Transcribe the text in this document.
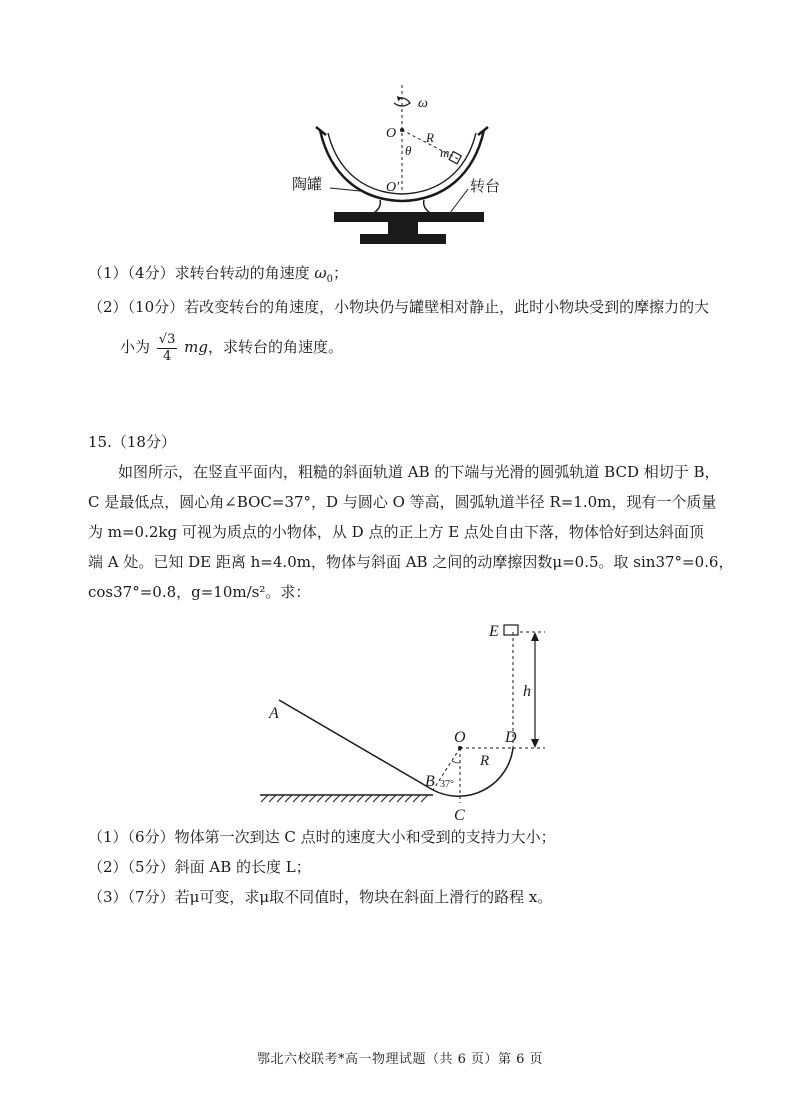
ω
O R
m
θ
O′
陶罐	转台
（1）（4分）求转台转动的角速度 $\omega_0$；
（2）（10分）若改变转台的角速度，小物块仍与罐壁相对静止，此时小物块受到的摩擦力的大
小为 $\frac{√3}{4}$ mg，求转台的角速度。
15.（18分）
如图所示，在竖直平面内，粗糙的斜面轨道 AB 的下端与光滑的圆弧轨道 BCD 相切于 B，
C 是最低点，圆心角∠BOC=37°，D 与圆心 O 等高，圆弧轨道半径 R=1.0m，现有一个质量
为 m=0.2kg 可视为质点的小物体，从 D 点的正上方 E 点处自由下落，物体恰好到达斜面顶
端 A 处。已知 DE 距离 h=4.0m，物体与斜面 AB 之间的动摩擦因数μ=0.5。取 sin37°=0.6，
cos37°=0.8，g=10m/s²。求：
E
h
A
O D
R
B 37°
C
（1）（6分）物体第一次到达 C 点时的速度大小和受到的支持力大小；
（2）（5分）斜面 AB 的长度 L；
（3）（7分）若μ可变，求μ取不同值时，物块在斜面上滑行的路程 x。
鄂北六校联考*高一物理试题（共 6 页）第 6 页
